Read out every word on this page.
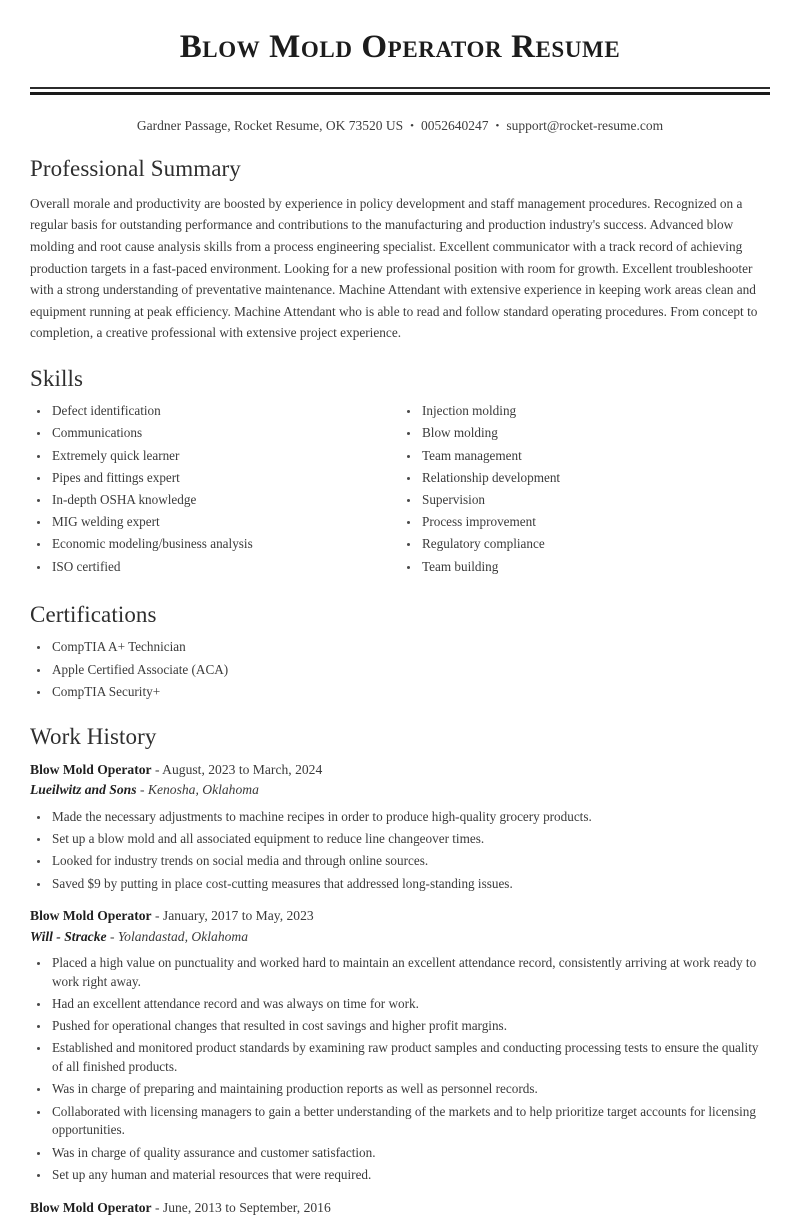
Blow Mold Operator Resume
Gardner Passage, Rocket Resume, OK 73520 US • 0052640247 • support@rocket-resume.com
Professional Summary

Overall morale and productivity are boosted by experience in policy development and staff management procedures. Recognized on a regular basis for outstanding performance and contributions to the manufacturing and production industry's success. Advanced blow molding and root cause analysis skills from a process engineering specialist. Excellent communicator with a track record of achieving production targets in a fast-paced environment. Looking for a new professional position with room for growth. Excellent troubleshooter with a strong understanding of preventative maintenance. Machine Attendant with extensive experience in keeping work areas clean and equipment running at peak efficiency. Machine Attendant who is able to read and follow standard operating procedures. From concept to completion, a creative professional with extensive project experience.

Skills
Defect identification
Communications
Extremely quick learner
Pipes and fittings expert
In-depth OSHA knowledge
MIG welding expert
Economic modeling/business analysis
ISO certified
Injection molding
Blow molding
Team management
Relationship development
Supervision
Process improvement
Regulatory compliance
Team building
Certifications
CompTIA A+ Technician
Apple Certified Associate (ACA)
CompTIA Security+
Work History
Blow Mold Operator - August, 2023 to March, 2024
Lueilwitz and Sons - Kenosha, Oklahoma
Made the necessary adjustments to machine recipes in order to produce high-quality grocery products.
Set up a blow mold and all associated equipment to reduce line changeover times.
Looked for industry trends on social media and through online sources.
Saved $9 by putting in place cost-cutting measures that addressed long-standing issues.
Blow Mold Operator - January, 2017 to May, 2023
Will - Stracke - Yolandastad, Oklahoma
Placed a high value on punctuality and worked hard to maintain an excellent attendance record, consistently arriving at work ready to work right away.
Had an excellent attendance record and was always on time for work.
Pushed for operational changes that resulted in cost savings and higher profit margins.
Established and monitored product standards by examining raw product samples and conducting processing tests to ensure the quality of all finished products.
Was in charge of preparing and maintaining production reports as well as personnel records.
Collaborated with licensing managers to gain a better understanding of the markets and to help prioritize target accounts for licensing opportunities.
Was in charge of quality assurance and customer satisfaction.
Set up any human and material resources that were required.
Blow Mold Operator - June, 2013 to September, 2016
